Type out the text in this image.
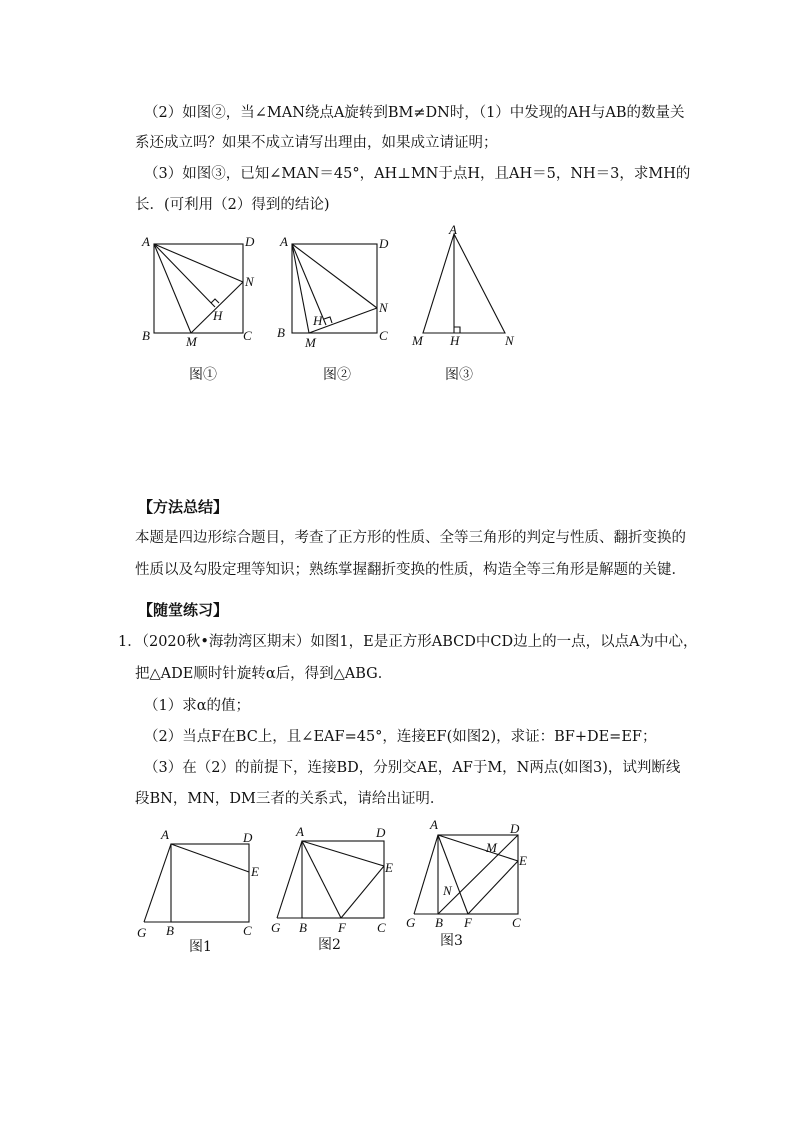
（2）如图②，当∠MAN绕点A旋转到BM≠DN时，（1）中发现的AH与AB的数量关
系还成立吗？如果不成立请写出理由，如果成立请证明；
（3）如图③，已知∠MAN＝45°，AH⊥MN于点H，且AH＝5，NH＝3，求MH的
长．(可利用（2）得到的结论)
A	D
N
H
B	M	C
图①
A	D
N
H
B
M	C
图②
A
M H	N
图③
【方法总结】
本题是四边形综合题目，考查了正方形的性质、全等三角形的判定与性质、翻折变换的
性质以及勾股定理等知识；熟练掌握翻折变换的性质，构造全等三角形是解题的关键．
【随堂练习】
1．（2020秋•海勃湾区期末）如图1，E是正方形ABCD中CD边上的一点，以点A为中心，
把△ADE顺时针旋转α后，得到△ABG．
（1）求α的值；
（2）当点F在BC上，且∠EAF=45°，连接EF(如图2)，求证：BF+DE=EF；
（3）在（2）的前提下，连接BD，分别交AE，AF于M，N两点(如图3)，试判断线
段BN，MN，DM三者的关系式，请给出证明．
A	D
E
G B	C
图1
A	D
E
G B F C
图2
A	D
M
E
N
G B F	C
图3
